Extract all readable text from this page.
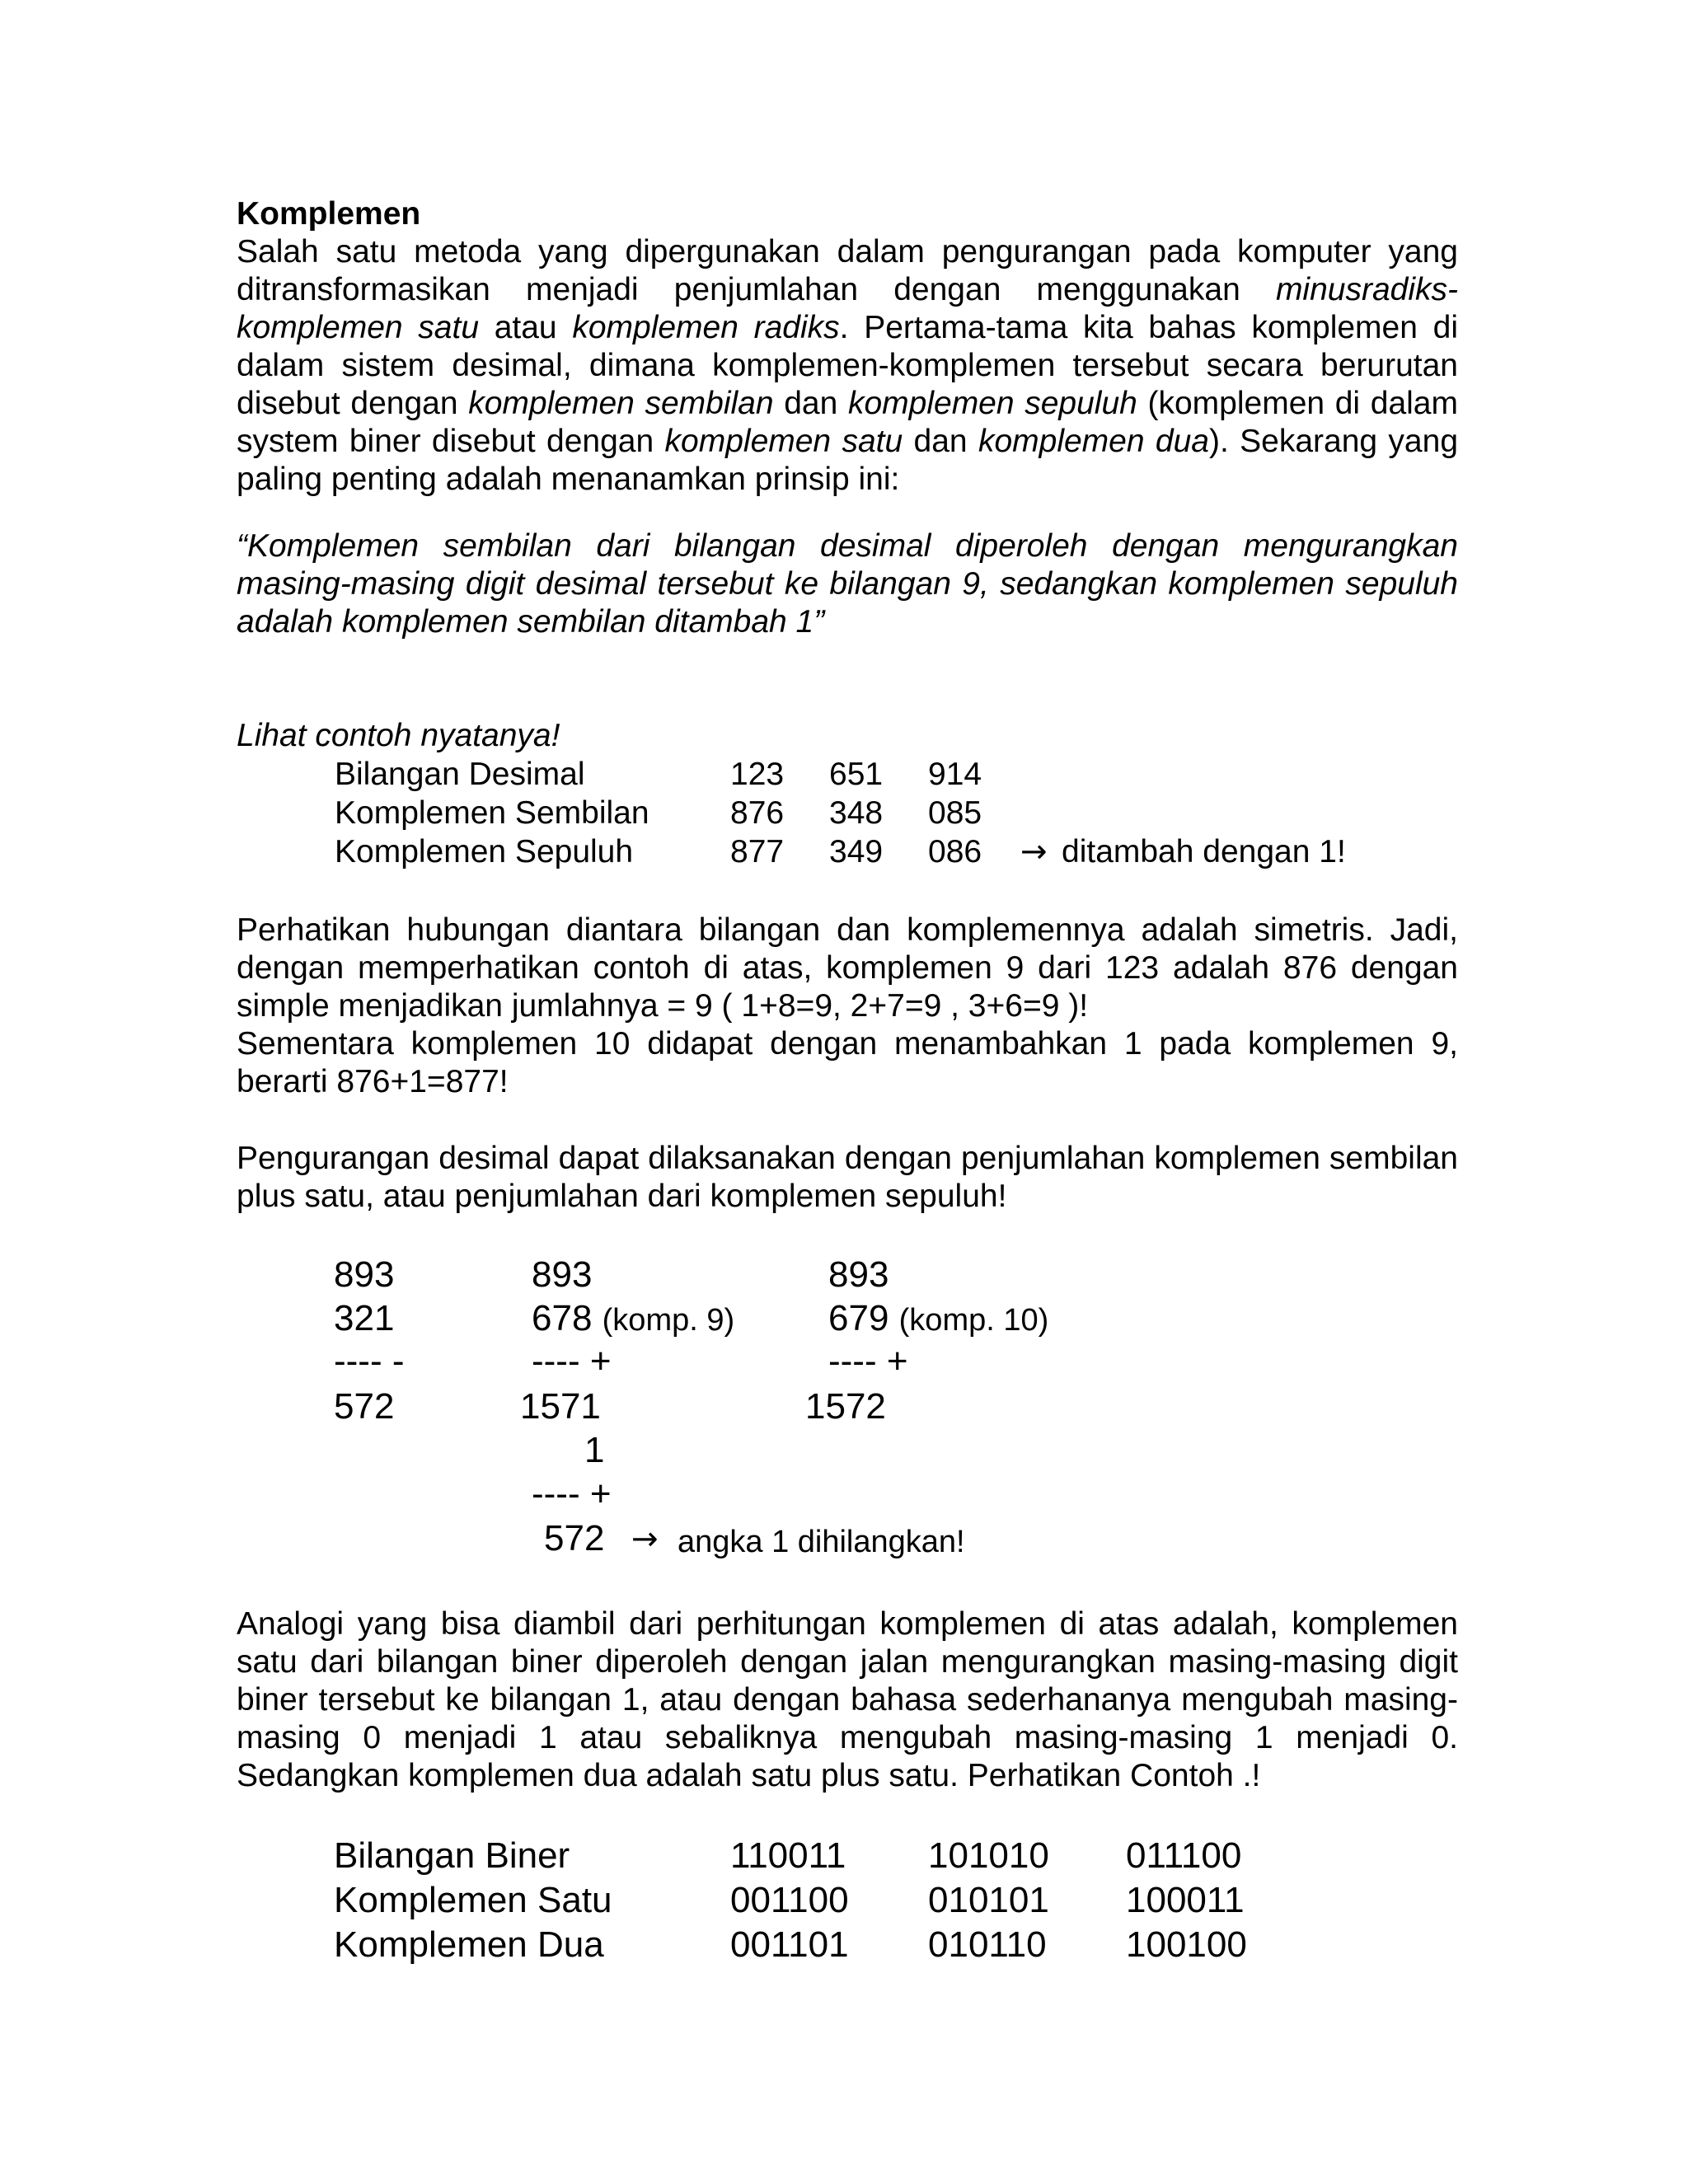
Komplemen

Salah satu metoda yang dipergunakan dalam pengurangan pada komputer yang ditransformasikan menjadi penjumlahan dengan menggunakan minusradiks-komplemen satu atau komplemen radiks. Pertama-tama kita bahas komplemen di dalam sistem desimal, dimana komplemen-komplemen tersebut secara berurutan disebut dengan komplemen sembilan dan komplemen sepuluh (komplemen di dalam system biner disebut dengan komplemen satu dan komplemen dua). Sekarang yang paling penting adalah menanamkan prinsip ini:

“Komplemen sembilan dari bilangan desimal diperoleh dengan mengurangkan masing-masing digit desimal tersebut ke bilangan 9, sedangkan komplemen sepuluh adalah komplemen sembilan ditambah 1”

Lihat contoh nyatanya!

Bilangan Desimal	123 651 914
Komplemen Sembilan	876 348 085
Komplemen Sepuluh	877 349 086 → ditambah dengan 1!

Perhatikan hubungan diantara bilangan dan komplemennya adalah simetris. Jadi, dengan memperhatikan contoh di atas, komplemen 9 dari 123 adalah 876 dengan simple menjadikan jumlahnya = 9 ( 1+8=9, 2+7=9 , 3+6=9 )!

Sementara komplemen 10 didapat dengan menambahkan 1 pada komplemen 9, berarti 876+1=877!

Pengurangan desimal dapat dilaksanakan dengan penjumlahan komplemen sembilan plus satu, atau penjumlahan dari komplemen sepuluh!

893
321
---- -
572
893
678 (komp. 9)
---- +
1571
1
---- +
572 → angka 1 dihilangkan!
893
679 (komp. 10)
---- +
1572

Analogi yang bisa diambil dari perhitungan komplemen di atas adalah, komplemen satu dari bilangan biner diperoleh dengan jalan mengurangkan masing-masing digit biner tersebut ke bilangan 1, atau dengan bahasa sederhananya mengubah masing-masing 0 menjadi 1 atau sebaliknya mengubah masing-masing 1 menjadi 0. Sedangkan komplemen dua adalah satu plus satu. Perhatikan Contoh .!

Bilangan Biner	110011 101010 011100
Komplemen Satu	001100 010101 100011
Komplemen Dua	001101 010110 100100
